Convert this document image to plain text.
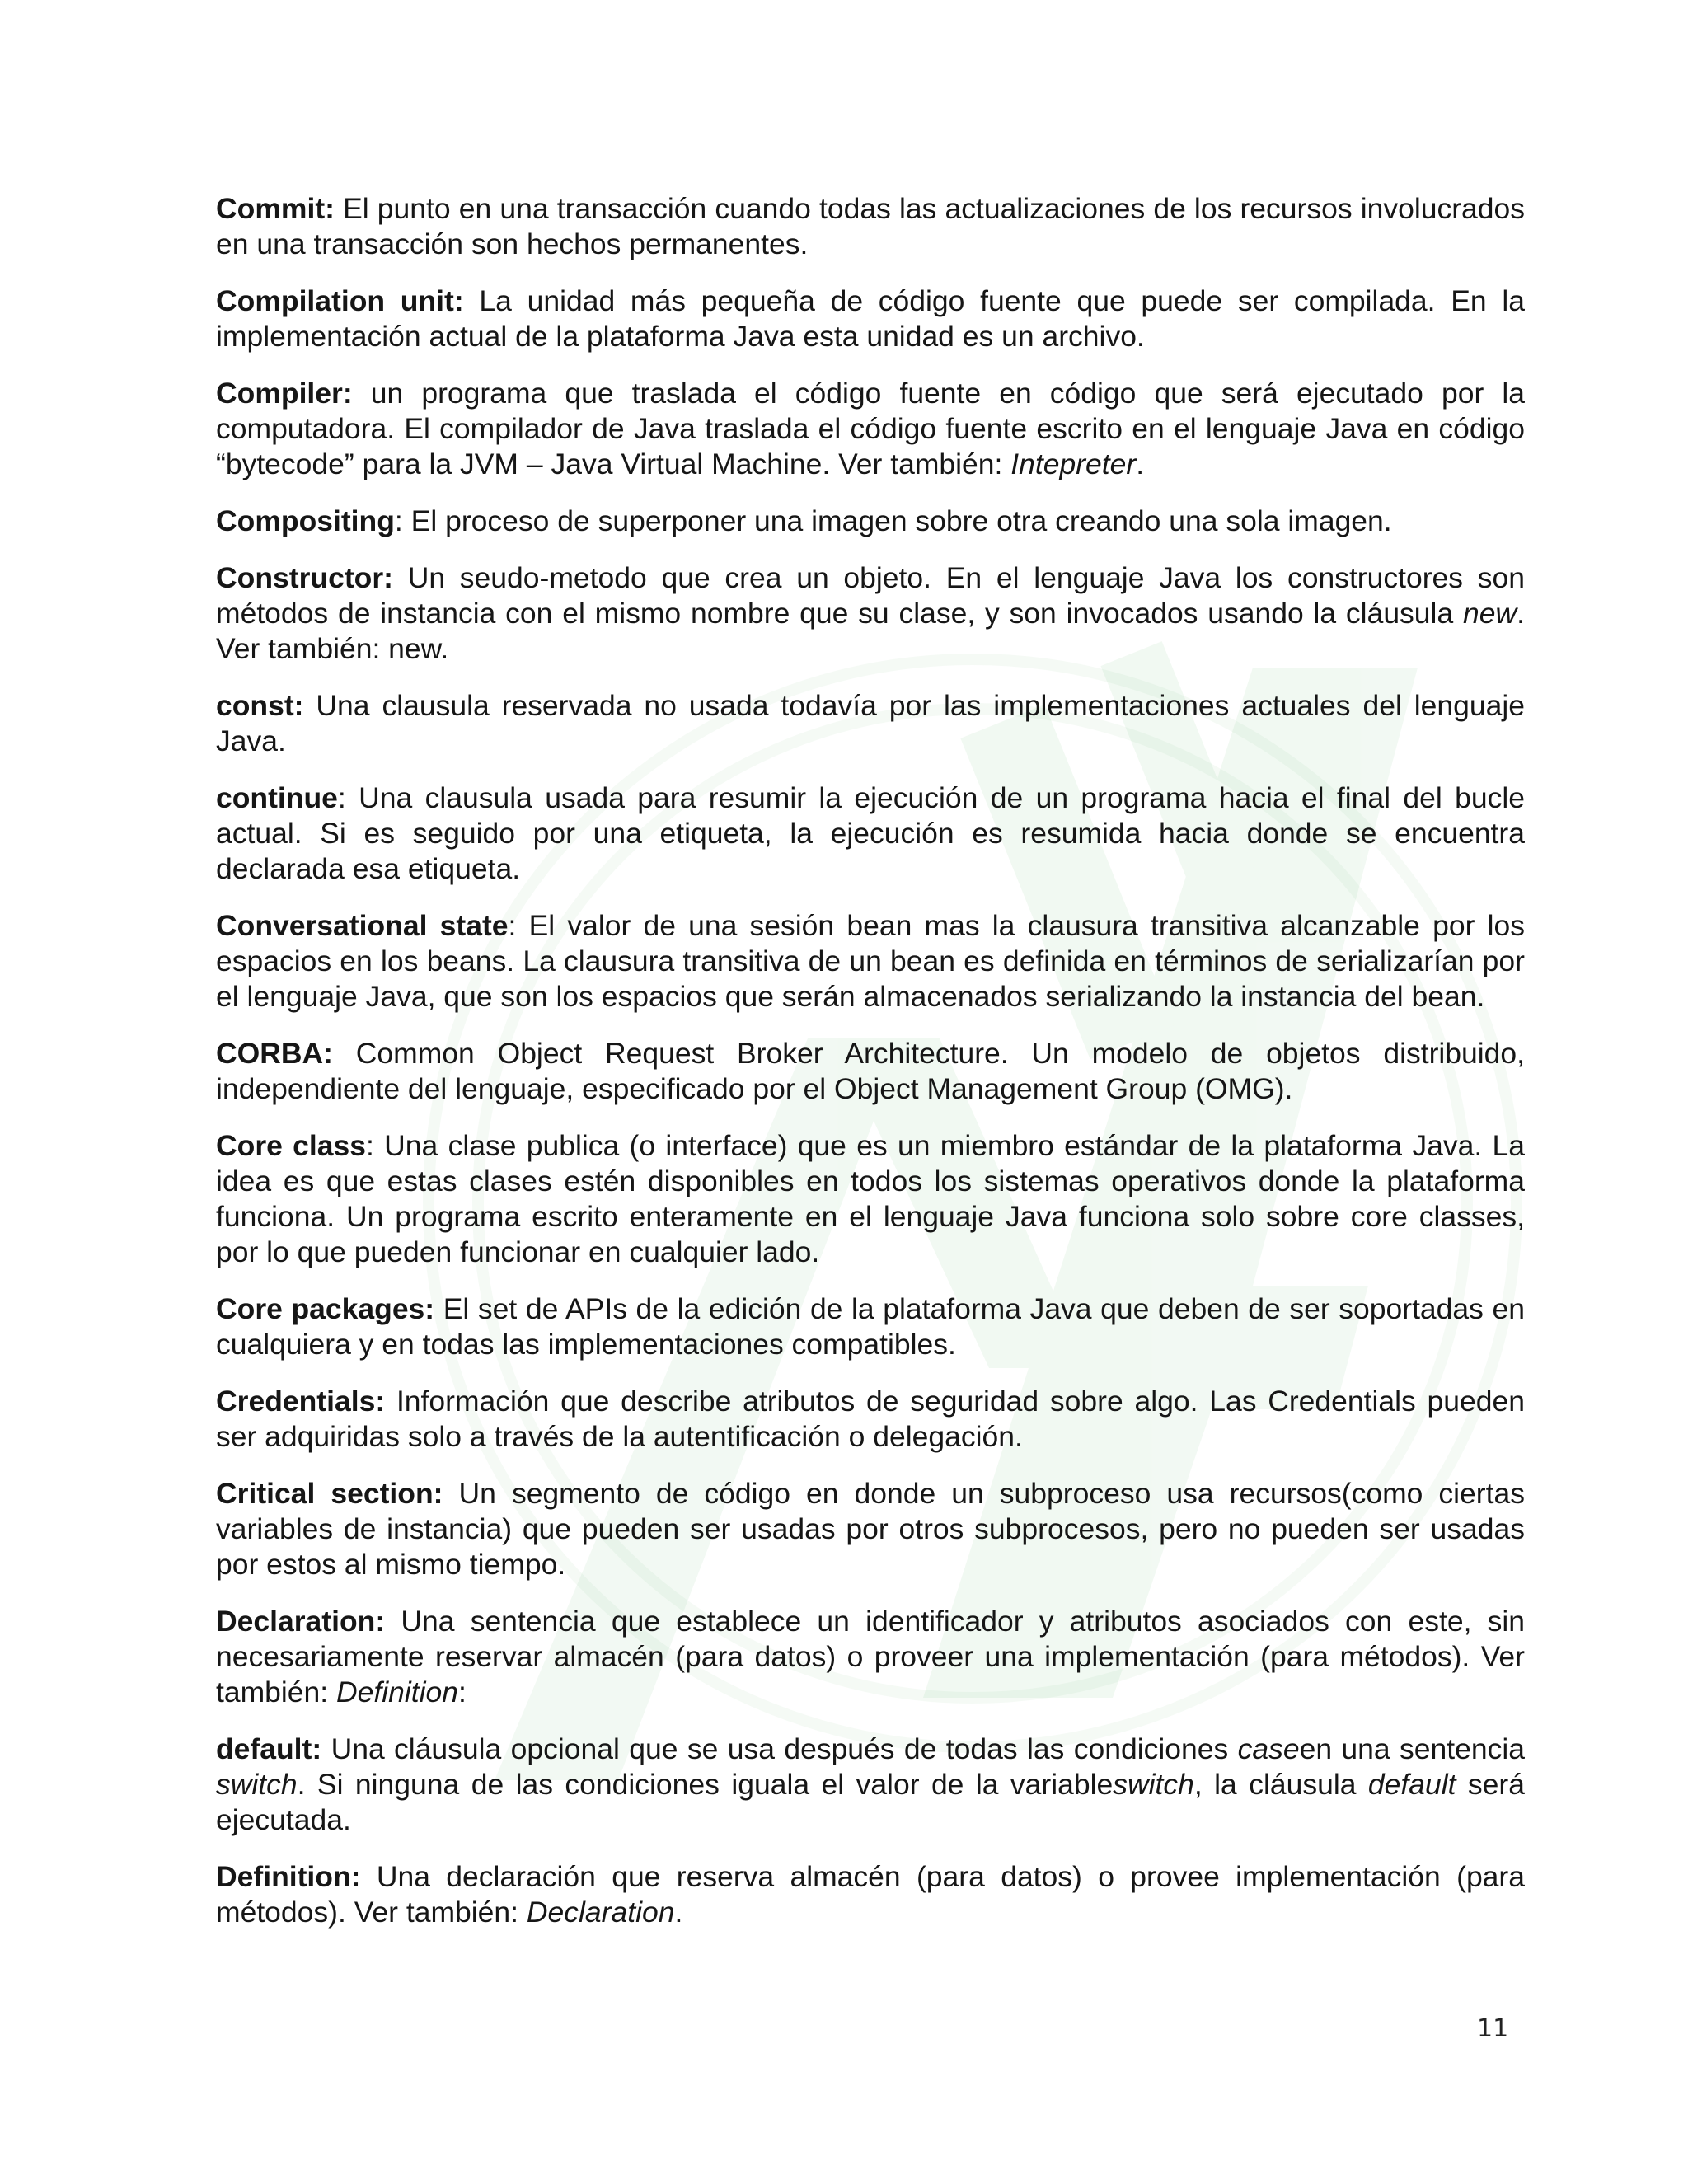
Commit: El punto en una transacción cuando todas las actualizaciones de los recursos involucrados en una transacción son hechos permanentes.

Compilation unit: La unidad más pequeña de código fuente que puede ser compilada. En la implementación actual de la plataforma Java esta unidad es un archivo.

Compiler: un programa que traslada el código fuente en código que será ejecutado por la computadora. El compilador de Java traslada el código fuente escrito en el lenguaje Java en código “bytecode” para la JVM – Java Virtual Machine. Ver también: Intepreter.

Compositing: El proceso de superponer una imagen sobre otra creando una sola imagen.

Constructor: Un seudo-metodo que crea un objeto. En el lenguaje Java los constructores son métodos de instancia con el mismo nombre que su clase, y son invocados usando la cláusula new. Ver también: new.

const: Una clausula reservada no usada todavía por las implementaciones actuales del lenguaje Java.

continue: Una clausula usada para resumir la ejecución de un programa hacia el final del bucle actual. Si es seguido por una etiqueta, la ejecución es resumida hacia donde se encuentra declarada esa etiqueta.

Conversational state: El valor de una sesión bean mas la clausura transitiva alcanzable por los espacios en los beans. La clausura transitiva de un bean es definida en términos de serializarían por el lenguaje Java, que son los espacios que serán almacenados serializando la instancia del bean.

CORBA: Common Object Request Broker Architecture. Un modelo de objetos distribuido, independiente del lenguaje, especificado por el Object Management Group (OMG).

Core class: Una clase publica (o interface) que es un miembro estándar de la plataforma Java. La idea es que estas clases estén disponibles en todos los sistemas operativos donde la plataforma funciona. Un programa escrito enteramente en el lenguaje Java funciona solo sobre core classes, por lo que pueden funcionar en cualquier lado.

Core packages: El set de APIs de la edición de la plataforma Java que deben de ser soportadas en cualquiera y en todas las implementaciones compatibles.

Credentials: Información que describe atributos de seguridad sobre algo. Las Credentials pueden ser adquiridas solo a través de la autentificación o delegación.

Critical section: Un segmento de código en donde un subproceso usa recursos(como ciertas variables de instancia) que pueden ser usadas por otros subprocesos, pero no pueden ser usadas por estos al mismo tiempo.

Declaration: Una sentencia que establece un identificador y atributos asociados con este, sin necesariamente reservar almacén (para datos) o proveer una implementación (para métodos). Ver también: Definition:

default: Una cláusula opcional que se usa después de todas las condiciones caseen una sentencia switch. Si ninguna de las condiciones iguala el valor de la variableswitch, la cláusula default será ejecutada.

Definition: Una declaración que reserva almacén (para datos) o provee implementación (para métodos). Ver también: Declaration.

11
